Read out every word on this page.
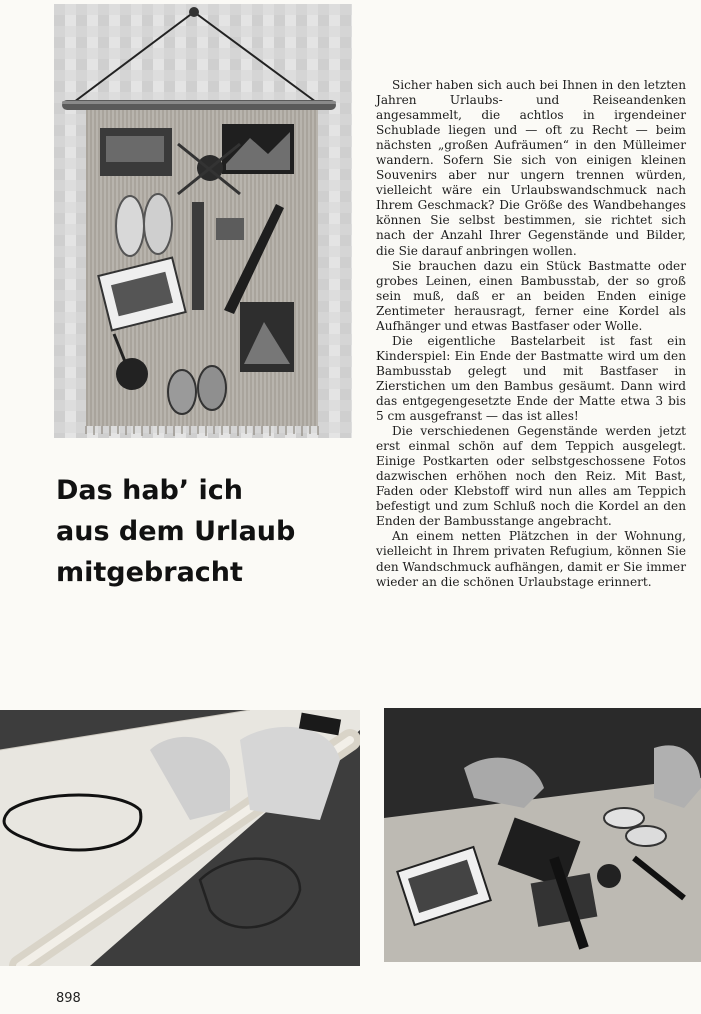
Das hab’ ich
aus dem Urlaub
mitgebracht

Sicher haben sich auch bei Ihnen in den letzten Jahren Urlaubs- und Reiseandenken angesammelt, die achtlos in irgendeiner Schublade liegen und — oft zu Recht — beim nächsten „großen Aufräumen“ in den Mülleimer wandern. Sofern Sie sich von einigen kleinen Souvenirs aber nur ungern trennen würden, vielleicht wäre ein Urlaubswandschmuck nach Ihrem Geschmack? Die Größe des Wandbehanges können Sie selbst bestimmen, sie richtet sich nach der Anzahl Ihrer Gegenstände und Bilder, die Sie darauf anbringen wollen.

Sie brauchen dazu ein Stück Bastmatte oder grobes Leinen, einen Bambusstab, der so groß sein muß, daß er an beiden Enden einige Zentimeter herausragt, ferner eine Kordel als Aufhänger und etwas Bastfaser oder Wolle.

Die eigentliche Bastelarbeit ist fast ein Kinderspiel: Ein Ende der Bastmatte wird um den Bambusstab gelegt und mit Bastfaser in Zierstichen um den Bambus gesäumt. Dann wird das entgegengesetzte Ende der Matte etwa 3 bis 5 cm ausgefranst — das ist alles!

Die verschiedenen Gegenstände werden jetzt erst einmal schön auf dem Teppich ausgelegt. Einige Postkarten oder selbstgeschossene Fotos dazwischen erhöhen noch den Reiz. Mit Bast, Faden oder Klebstoff wird nun alles am Teppich befestigt und zum Schluß noch die Kordel an den Enden der Bambusstange angebracht.

An einem netten Plätzchen in der Wohnung, vielleicht in Ihrem privaten Refugium, können Sie den Wandschmuck aufhängen, damit er Sie immer wieder an die schönen Urlaubstage erinnert.

898
